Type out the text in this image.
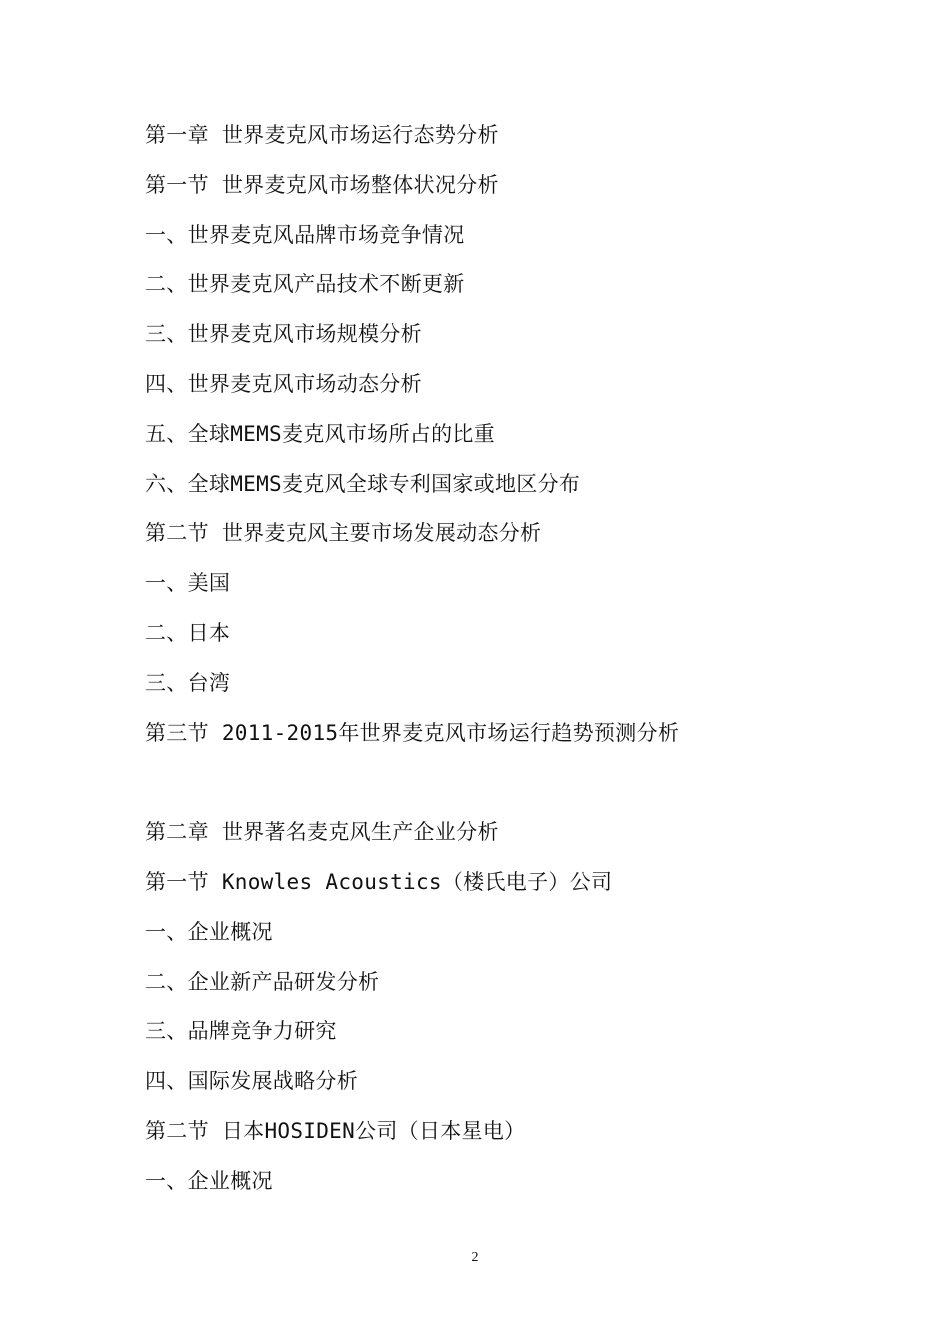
第一章 世界麦克风市场运行态势分析
第一节 世界麦克风市场整体状况分析
一、世界麦克风品牌市场竞争情况
二、世界麦克风产品技术不断更新
三、世界麦克风市场规模分析
四、世界麦克风市场动态分析
五、全球MEMS麦克风市场所占的比重
六、全球MEMS麦克风全球专利国家或地区分布
第二节 世界麦克风主要市场发展动态分析
一、美国
二、日本
三、台湾
第三节 2011-2015年世界麦克风市场运行趋势预测分析
第二章 世界著名麦克风生产企业分析
第一节 Knowles Acoustics（楼氏电子）公司
一、企业概况
二、企业新产品研发分析
三、品牌竞争力研究
四、国际发展战略分析
第二节 日本HOSIDEN公司（日本星电）
一、企业概况
2
